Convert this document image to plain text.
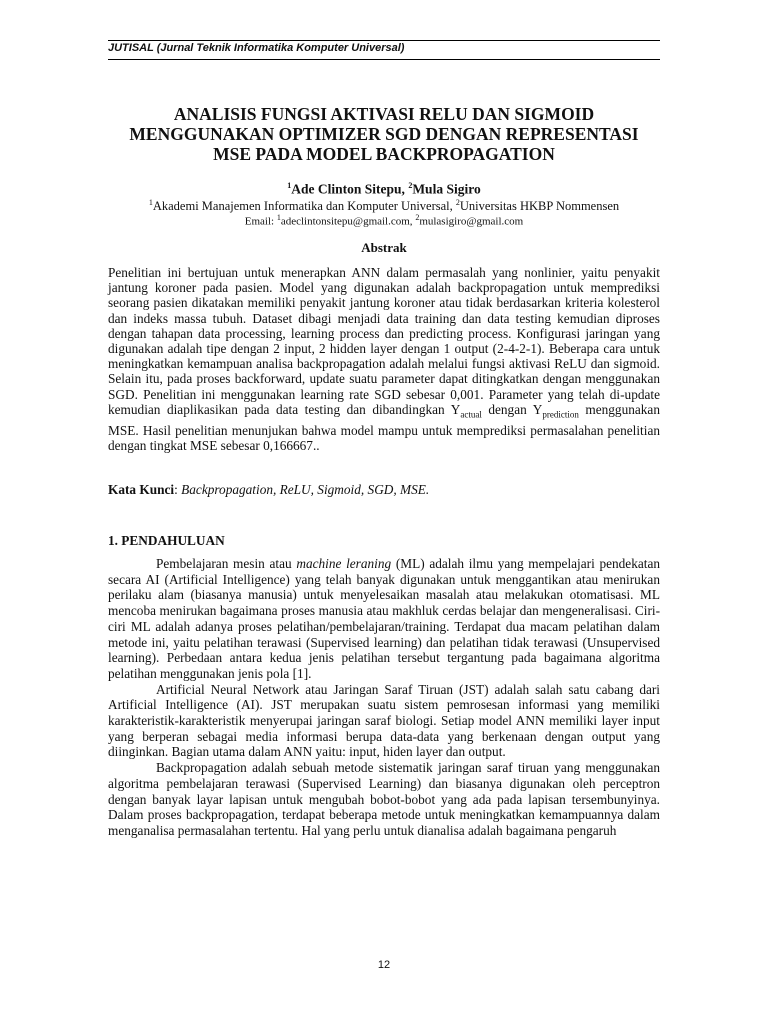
JUTISAL (Jurnal Teknik Informatika Komputer Universal)
ANALISIS FUNGSI AKTIVASI RELU DAN SIGMOID
MENGGUNAKAN OPTIMIZER SGD DENGAN REPRESENTASI
MSE PADA MODEL BACKPROPAGATION
$^1$Ade Clinton Sitepu, $^2$Mula Sigiro
$^1$Akademi Manajemen Informatika dan Komputer Universal, $^2$Universitas HKBP Nommensen
Email: $^1$adeclintonsitepu@gmail.com, $^2$mulasigiro@gmail.com
Abstrak

Penelitian ini bertujuan untuk menerapkan ANN dalam permasalah yang nonlinier, yaitu penyakit jantung koroner pada pasien. Model yang digunakan adalah backpropagation untuk memprediksi seorang pasien dikatakan memiliki penyakit jantung koroner atau tidak berdasarkan kriteria kolesterol dan indeks massa tubuh. Dataset dibagi menjadi data training dan data testing kemudian diproses dengan tahapan data processing, learning process dan predicting process. Konfigurasi jaringan yang digunakan adalah tipe dengan 2 input, 2 hidden layer dengan 1 output (2-4-2-1). Beberapa cara untuk meningkatkan kemampuan analisa backpropagation adalah melalui fungsi aktivasi ReLU dan sigmoid. Selain itu, pada proses backforward, update suatu parameter dapat ditingkatkan dengan menggunakan SGD. Penelitian ini menggunakan learning rate SGD sebesar 0,001. Parameter yang telah di-update kemudian diaplikasikan pada data testing dan dibandingkan $Y_{actual}$ dengan $Y_{prediction}$ menggunakan MSE. Hasil penelitian menunjukan bahwa model mampu untuk memprediksi permasalahan penelitian dengan tingkat MSE sebesar 0,166667..

Kata Kunci: Backpropagation, ReLU, Sigmoid, SGD, MSE.
1. PENDAHULUAN

Pembelajaran mesin atau machine leraning (ML) adalah ilmu yang mempelajari pendekatan secara AI (Artificial Intelligence) yang telah banyak digunakan untuk menggantikan atau menirukan perilaku alam (biasanya manusia) untuk menyelesaikan masalah atau melakukan otomatisasi. ML mencoba menirukan bagaimana proses manusia atau makhluk cerdas belajar dan mengeneralisasi. Ciri-ciri ML adalah adanya proses pelatihan/pembelajaran/training. Terdapat dua macam pelatihan dalam metode ini, yaitu pelatihan terawasi (Supervised learning) dan pelatihan tidak terawasi (Unsupervised learning). Perbedaan antara kedua jenis pelatihan tersebut tergantung pada bagaimana algoritma pelatihan menggunakan jenis pola [1].

Artificial Neural Network atau Jaringan Saraf Tiruan (JST) adalah salah satu cabang dari Artificial Intelligence (AI). JST merupakan suatu sistem pemrosesan informasi yang memiliki karakteristik-karakteristik menyerupai jaringan saraf biologi. Setiap model ANN memiliki layer input yang berperan sebagai media informasi berupa data-data yang berkenaan dengan output yang diinginkan. Bagian utama dalam ANN yaitu: input, hiden layer dan output.

Backpropagation adalah sebuah metode sistematik jaringan saraf tiruan yang menggunakan algoritma pembelajaran terawasi (Supervised Learning) dan biasanya digunakan oleh perceptron dengan banyak layar lapisan untuk mengubah bobot-bobot yang ada pada lapisan tersembunyinya. Dalam proses backpropagation, terdapat beberapa metode untuk meningkatkan kemampuannya dalam menganalisa permasalahan tertentu. Hal yang perlu untuk dianalisa adalah bagaimana pengaruh

12
